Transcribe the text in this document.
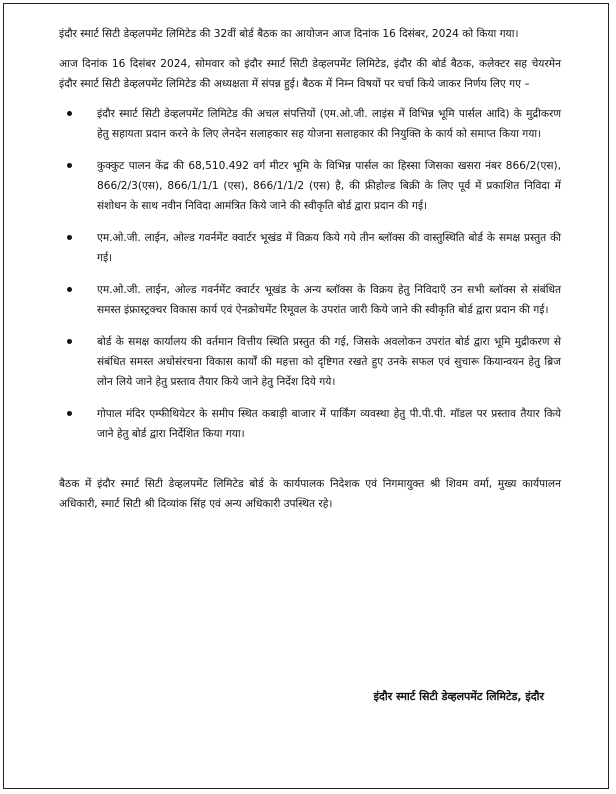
इंदौर स्मार्ट सिटी डेव्हलपमेंट लिमिटेड की 32वीं बोर्ड बैठक का आयोजन आज दिनांक 16 दिसंबर, 2024 को किया गया।

आज दिनांक 16 दिसंबर 2024, सोमवार को इंदौर स्मार्ट सिटी डेव्हलपमेंट लिमिटेड, इंदौर की बोर्ड बैठक, कलेक्टर सह चेयरमेन इंदौर स्मार्ट सिटी डेव्हलपमेंट लिमिटेड की अध्यक्षता में संपन्न हुई। बैठक में निम्न विषयों पर चर्चा किये जाकर निर्णय लिए गए –

इंदौर स्मार्ट सिटी डेव्हलपमेंट लिमिटेड की अचल संपत्तियों (एम.ओ.जी. लाइंस में विभिन्न भूमि पार्सल आदि) के मुद्रीकरण हेतु सहायता प्रदान करने के लिए लेनदेन सलाहकार सह योजना सलाहकार की नियुक्ति के कार्य को समाप्त किया गया।
कुक्कुट पालन केंद्र की 68,510.492 वर्ग मीटर भूमि के विभिन्न पार्सल का हिस्सा जिसका खसरा नंबर 866/2(एस), 866/2/3(एस), 866/1/1/1 (एस), 866/1/1/2 (एस) है, की फ्रीहोल्ड बिक्री के लिए पूर्व में प्रकाशित निविदा में संशोधन के साथ नवीन निविदा आमंत्रित किये जाने की स्वीकृति बोर्ड द्वारा प्रदान की गई।
एम.ओ.जी. लाईन, ओल्ड गवर्नमेंट क्वार्टर भूखंड में विक्रय किये गये तीन ब्लॉक्स की वास्तुस्थिति बोर्ड के समक्ष प्रस्तुत की गई।
एम.ओ.जी. लाईन, ओल्ड गवर्नमेंट क्वार्टर भूखंड के अन्य ब्लॉक्स के विक्रय हेतु निविदाएँ उन सभी ब्लॉक्स से संबंधित समस्त इंफ्रास्ट्रक्चर विकास कार्य एवं ऐनक्रोचमेंट रिमूवल के उपरांत जारी किये जाने की स्वीकृति बोर्ड द्वारा प्रदान की गई।
बोर्ड के समक्ष कार्यालय की वर्तमान वित्तीय स्थिति प्रस्तुत की गई, जिसके अवलोकन उपरांत बोर्ड द्वारा भूमि मुद्रीकरण से संबंधित समस्त अधोसंरचना विकास कार्यों की महत्ता को दृष्टिगत रखते हुए उनके सफल एवं सुचारू कियान्वयन हेतु ब्रिज लोन लिये जाने हेतु प्रस्ताव तैयार किये जाने हेतु निर्देश दिये गये।
गोपाल मंदिर एम्फीथियेटर के समीप स्थित कबाड़ी बाजार में पार्किंग व्यवस्था हेतु पी.पी.पी. मॉडल पर प्रस्ताव तैयार किये जाने हेतु बोर्ड द्वारा निर्देशित किया गया।

बैठक में इंदौर स्मार्ट सिटी डेव्हलपमेंट लिमिटेड बोर्ड के कार्यपालक निदेशक एवं निगमायुक्त श्री शिवम वर्मा, मुख्य कार्यपालन अधिकारी, स्मार्ट सिटी श्री दिव्यांक सिंह एवं अन्य अधिकारी उपस्थित रहे।

इंदौर स्मार्ट सिटी डेव्हलपमेंट लिमिटेड, इंदौर
